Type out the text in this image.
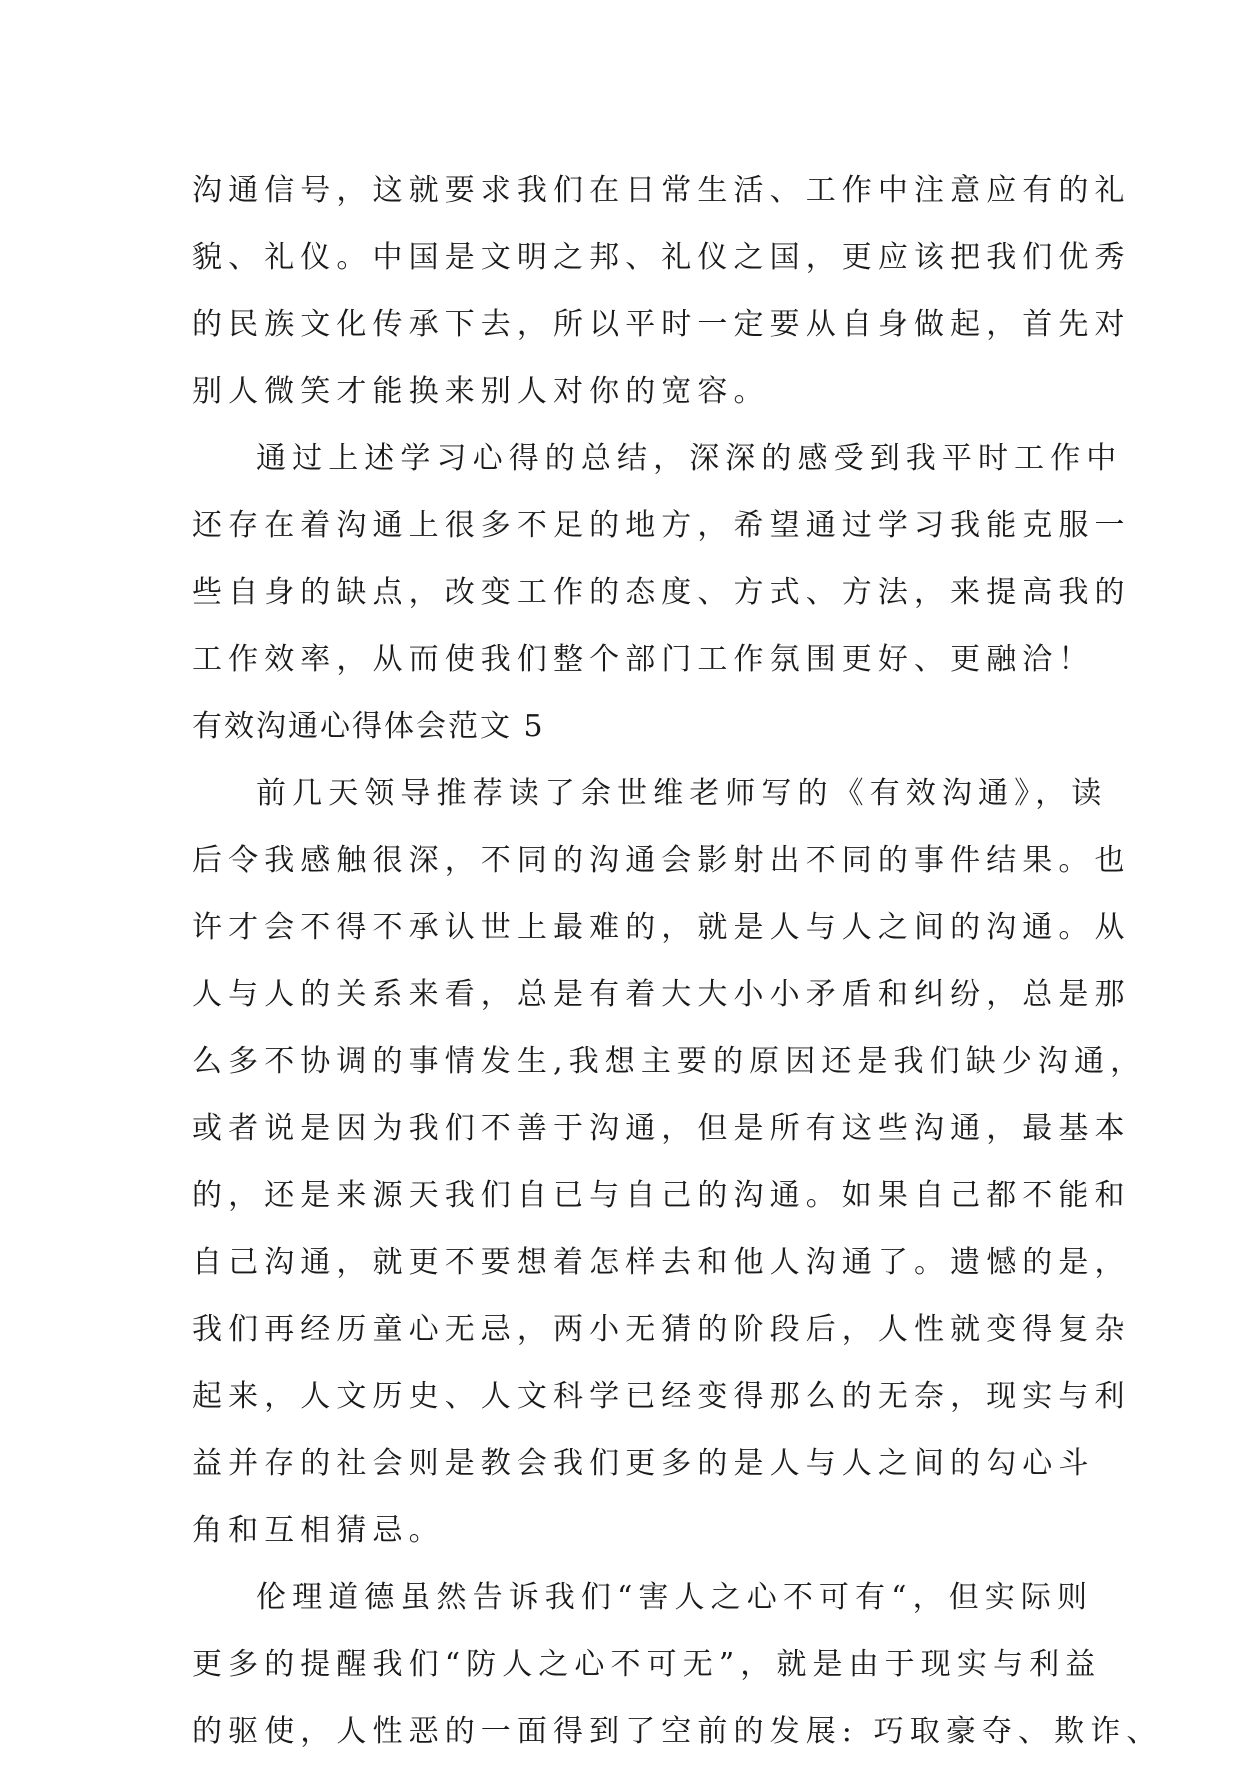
沟通信号，这就要求我们在日常生活、工作中注意应有的礼
貌、礼仪。中国是文明之邦、礼仪之国，更应该把我们优秀
的民族文化传承下去，所以平时一定要从自身做起，首先对
别人微笑才能换来别人对你的宽容。
通过上述学习心得的总结，深深的感受到我平时工作中
还存在着沟通上很多不足的地方，希望通过学习我能克服一
些自身的缺点，改变工作的态度、方式、方法，来提高我的
工作效率，从而使我们整个部门工作氛围更好、更融洽！
有效沟通心得体会范文 5
前几天领导推荐读了余世维老师写的《有效沟通》，读
后令我感触很深，不同的沟通会影射出不同的事件结果。也
许才会不得不承认世上最难的，就是人与人之间的沟通。从
人与人的关系来看，总是有着大大小小矛盾和纠纷，总是那
么多不协调的事情发生,我想主要的原因还是我们缺少沟通，
或者说是因为我们不善于沟通，但是所有这些沟通，最基本
的，还是来源天我们自已与自己的沟通。如果自己都不能和
自己沟通，就更不要想着怎样去和他人沟通了。遗憾的是，
我们再经历童心无忌，两小无猜的阶段后，人性就变得复杂
起来，人文历史、人文科学已经变得那么的无奈，现实与利
益并存的社会则是教会我们更多的是人与人之间的勾心斗
角和互相猜忌。
伦理道德虽然告诉我们“害人之心不可有“，但实际则
更多的提醒我们“防人之心不可无”，就是由于现实与利益
的驱使，人性恶的一面得到了空前的发展: 巧取豪夺、欺诈、
